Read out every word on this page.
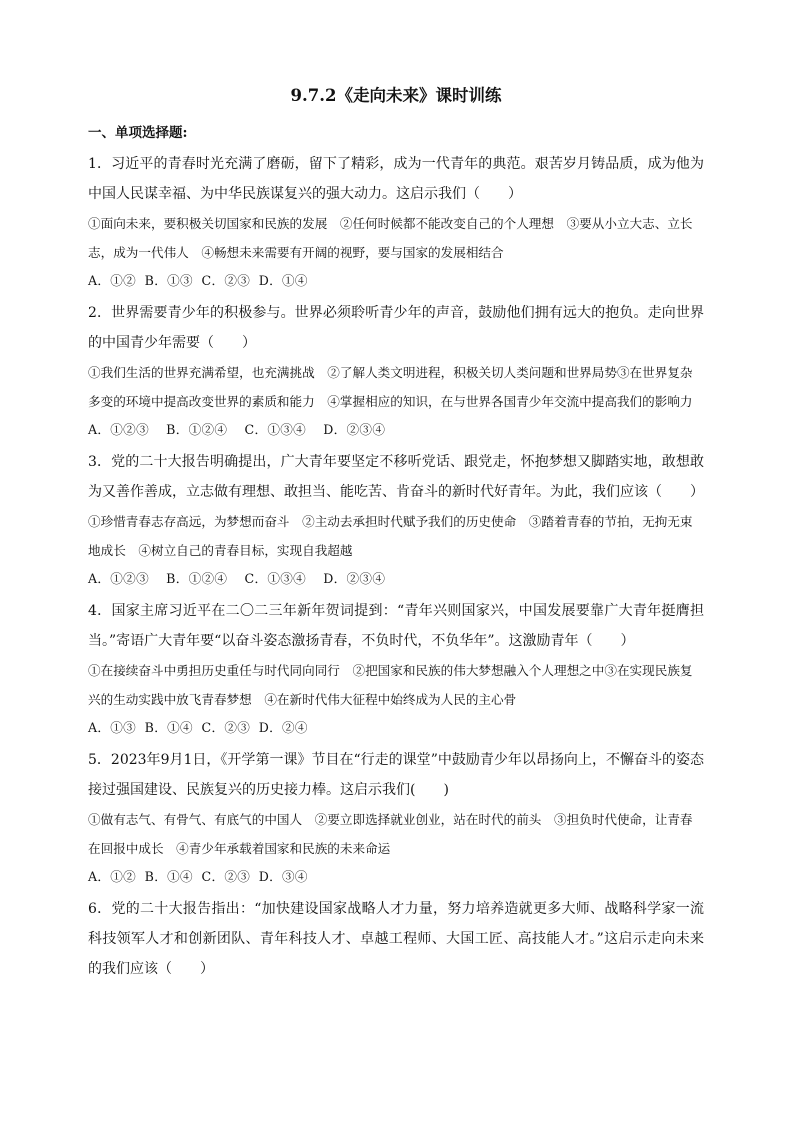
9.7.2《走向未来》课时训练
一、单项选择题:

1．习近平的青春时光充满了磨砺，留下了精彩，成为一代青年的典范。艰苦岁月铸品质，成为他为中国人民谋幸福、为中华民族谋复兴的强大动力。这启示我们（　　）

①面向未来，要积极关切国家和民族的发展　②任何时候都不能改变自己的个人理想　③要从小立大志、立长志，成为一代伟人　④畅想未来需要有开阔的视野，要与国家的发展相结合

A．①②  B．①③  C．②③  D．①④

2．世界需要青少年的积极参与。世界必须聆听青少年的声音，鼓励他们拥有远大的抱负。走向世界的中国青少年需要（　　）

①我们生活的世界充满希望，也充满挑战　②了解人类文明进程，积极关切人类问题和世界局势③在世界复杂多变的环境中提高改变世界的素质和能力　④掌握相应的知识，在与世界各国青少年交流中提高我们的影响力

A．①②③    B．①②④    C．①③④    D．②③④

3．党的二十大报告明确提出，广大青年要坚定不移听党话、跟党走，怀抱梦想又脚踏实地，敢想敢为又善作善成，立志做有理想、敢担当、能吃苦、肯奋斗的新时代好青年。为此，我们应该（　　）

①珍惜青春志存高远，为梦想而奋斗　②主动去承担时代赋予我们的历史使命　③踏着青春的节拍，无拘无束地成长　④树立自己的青春目标，实现自我超越

A．①②③    B．①②④    C．①③④    D．②③④

4．国家主席习近平在二〇二三年新年贺词提到：“青年兴则国家兴，中国发展要靠广大青年挺膺担当。”寄语广大青年要“以奋斗姿态激扬青春，不负时代，不负华年”。这激励青年（　　）

①在接续奋斗中勇担历史重任与时代同向同行　②把国家和民族的伟大梦想融入个人理想之中③在实现民族复兴的生动实践中放飞青春梦想　④在新时代伟大征程中始终成为人民的主心骨

A．①③  B．①④  C．②③  D．②④

5．2023年9月1日，《开学第一课》节目在“行走的课堂”中鼓励青少年以昂扬向上，不懈奋斗的姿态接过强国建设、民族复兴的历史接力棒。这启示我们(　　)

①做有志气、有骨气、有底气的中国人　②要立即选择就业创业，站在时代的前头　③担负时代使命，让青春在回报中成长　④青少年承载着国家和民族的未来命运

A．①②  B．①④  C．②③  D．③④

6．党的二十大报告指出：“加快建设国家战略人才力量，努力培养造就更多大师、战略科学家一流科技领军人才和创新团队、青年科技人才、卓越工程师、大国工匠、高技能人才。”这启示走向未来的我们应该（　　）
